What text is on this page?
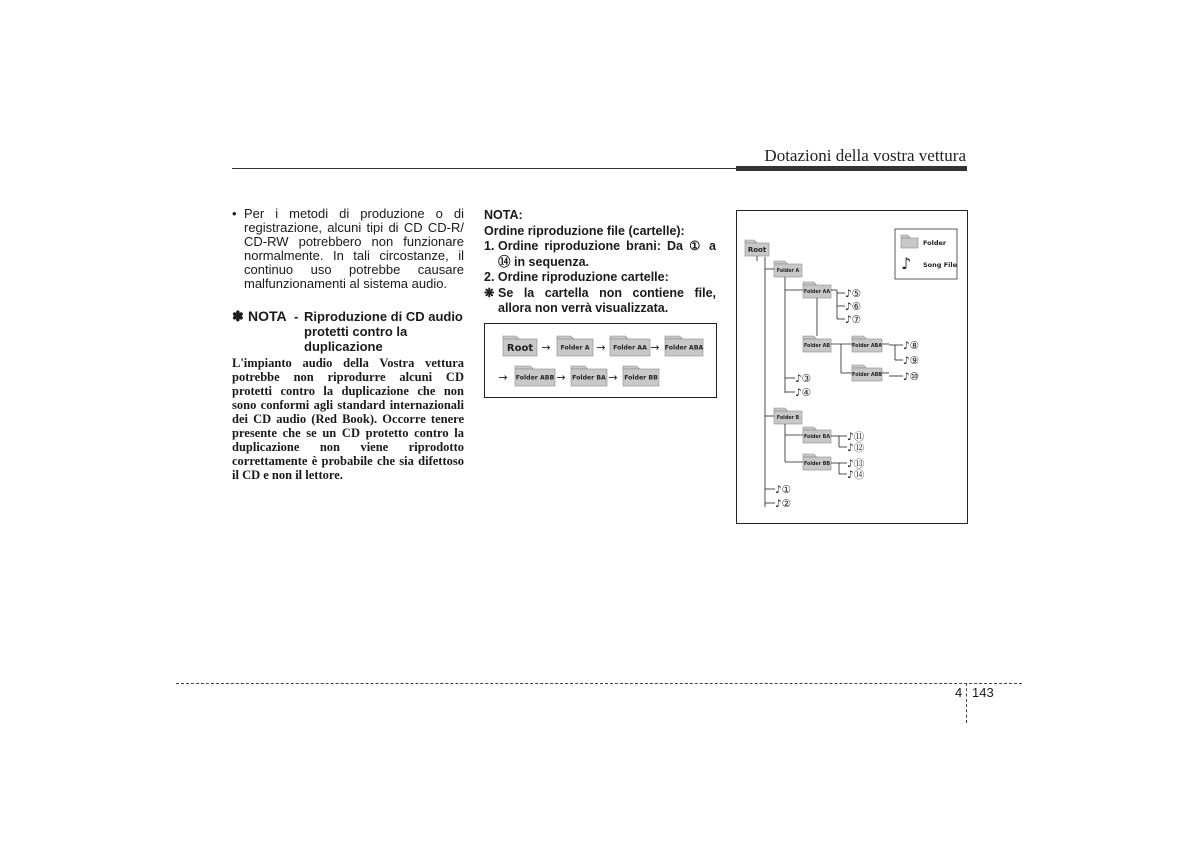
Dotazioni della vostra vettura
• Per i metodi di produzione o di registrazione, alcuni tipi di CD CD-R/ CD-RW potrebbero non funzionare normalmente. In tali circostanze, il continuo uso potrebbe causare malfunzionamenti al sistema audio.
✽ NOTA - Riproduzione di CD audio protetti contro la duplicazione
L'impianto audio della Vostra vettura potrebbe non riprodurre alcuni CD protetti contro la duplicazione che non sono conformi agli standard internazionali dei CD audio (Red Book). Occorre tenere presente che se un CD protetto contro la duplicazione non viene riprodotto correttamente è probabile che sia difettoso il CD e non il lettore.
NOTA:
Ordine riproduzione file (cartelle):
1. Ordine riproduzione brani: Da ① a ⑭ in sequenza.
2. Ordine riproduzione cartelle:
❋ Se la cartella non contiene file, allora non verrà visualizzata.
Root	Folder A	Folder AA	Folder ABA
Folder ABB	Folder BA	Folder BB
→	→	→
→	→	→
Folder
♪ Song File
Root
Folder A
Folder AA
Folder AB	Folder ABA
Folder ABB
Folder B
Folder BA
Folder BB
♪①
♪②
♪③
♪④
♪⑤
♪⑥
♪⑦
♪⑧
♪⑨
♪⑩
♪⑪
♪⑫
♪⑬
♪⑭
4 143
